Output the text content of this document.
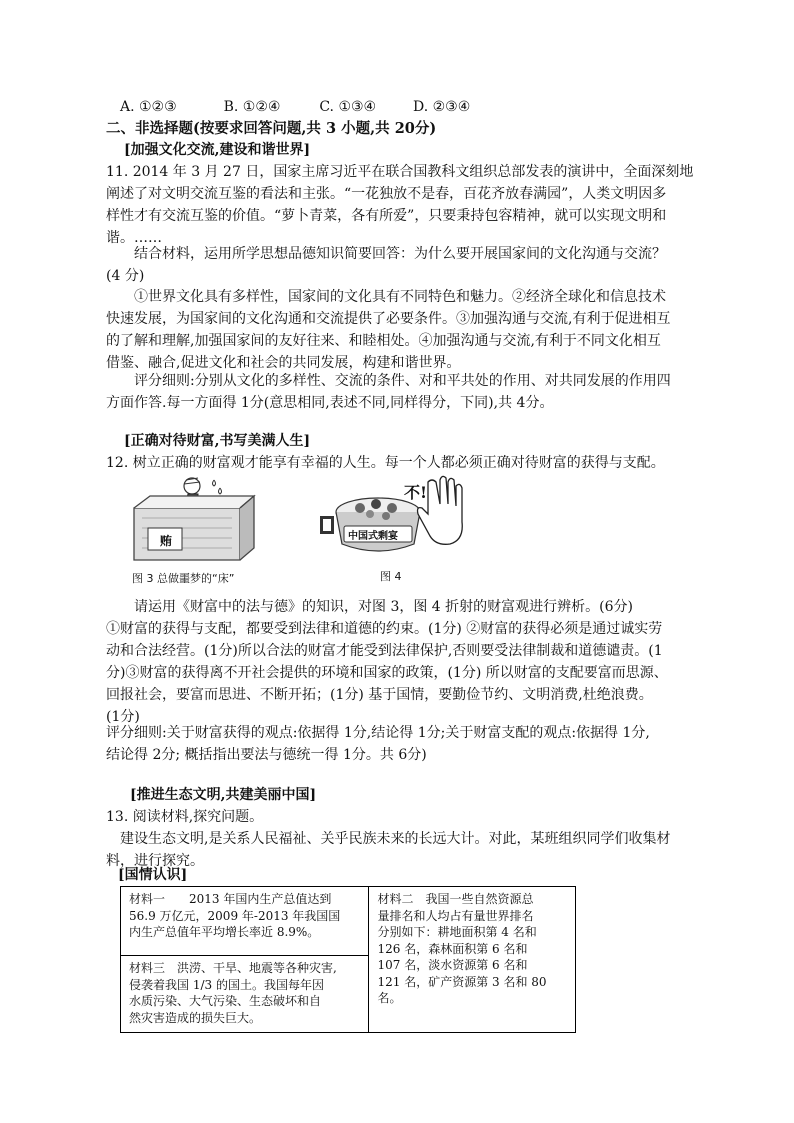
A. ①②③	B. ①②④	C. ①③④	D. ②③④
二、非选择题(按要求回答问题,共 3 小题,共 20分)
[加强文化交流,建设和谐世界]
11. 2014 年 3 月 27 日，国家主席习近平在联合国教科文组织总部发表的演讲中，全面深刻地
阐述了对文明交流互鉴的看法和主张。“一花独放不是春，百花齐放春满园”，人类文明因多
样性才有交流互鉴的价值。“萝卜青菜，各有所爱”，只要秉持包容精神，就可以实现文明和
谐。……
结合材料，运用所学思想品德知识简要回答：为什么要开展国家间的文化沟通与交流？
(4 分)
①世界文化具有多样性，国家间的文化具有不同特色和魅力。②经济全球化和信息技术
快速发展，为国家间的文化沟通和交流提供了必要条件。③加强沟通与交流,有利于促进相互
的了解和理解,加强国家间的友好往来、和睦相处。④加强沟通与交流,有利于不同文化相互
借鉴、融合,促进文化和社会的共同发展，构建和谐世界。
评分细则:分别从文化的多样性、交流的条件、对和平共处的作用、对共同发展的作用四
方面作答.每一方面得 1分(意思相同,表述不同,同样得分，下同),共 4分。
[正确对待财富,书写美满人生]
12. 树立正确的财富观才能享有幸福的人生。每一个人都必须正确对待财富的获得与支配。
贿
图 3 总做噩梦的“床”
不!
中国式剩宴
图 4
请运用《财富中的法与德》的知识，对图 3，图 4 折射的财富观进行辨析。(6分)
①财富的获得与支配，都要受到法律和道德的约束。(1分) ②财富的获得必须是通过诚实劳
动和合法经营。(1分)所以合法的财富才能受到法律保护,否则要受法律制裁和道德谴责。(1
分)③财富的获得离不开社会提供的环境和国家的政策，(1分) 所以财富的支配要富而思源、
回报社会，要富而思进、不断开拓；(1分) 基于国情，要勤俭节约、文明消费,杜绝浪费。
(1分)
评分细则:关于财富获得的观点:依据得 1分,结论得 1分;关于财富支配的观点:依据得 1分,
结论得 2分; 概括指出要法与德统一得 1分。共 6分)
[推进生态文明,共建美丽中国]
13. 阅读材料,探究问题。
建设生态文明,是关系人民福祉、关乎民族未来的长远大计。对此，某班组织同学们收集材
料，进行探究。
[国情认识]
材料一　　2013 年国内生产总值达到
56.9 万亿元，2009 年-2013 年我国国
内生产总值年平均增长率近 8.9%。

材料二　我国一些自然资源总
量排名和人均占有量世界排名
分别如下：耕地面积第 4 名和
126 名，森林面积第 6 名和
107 名，淡水资源第 6 名和
121 名，矿产资源第 3 名和 80
名。

材料三　洪涝、干旱、地震等各种灾害,
侵袭着我国 1/3 的国土。我国每年因
水质污染、大气污染、生态破坏和自
然灾害造成的损失巨大。
